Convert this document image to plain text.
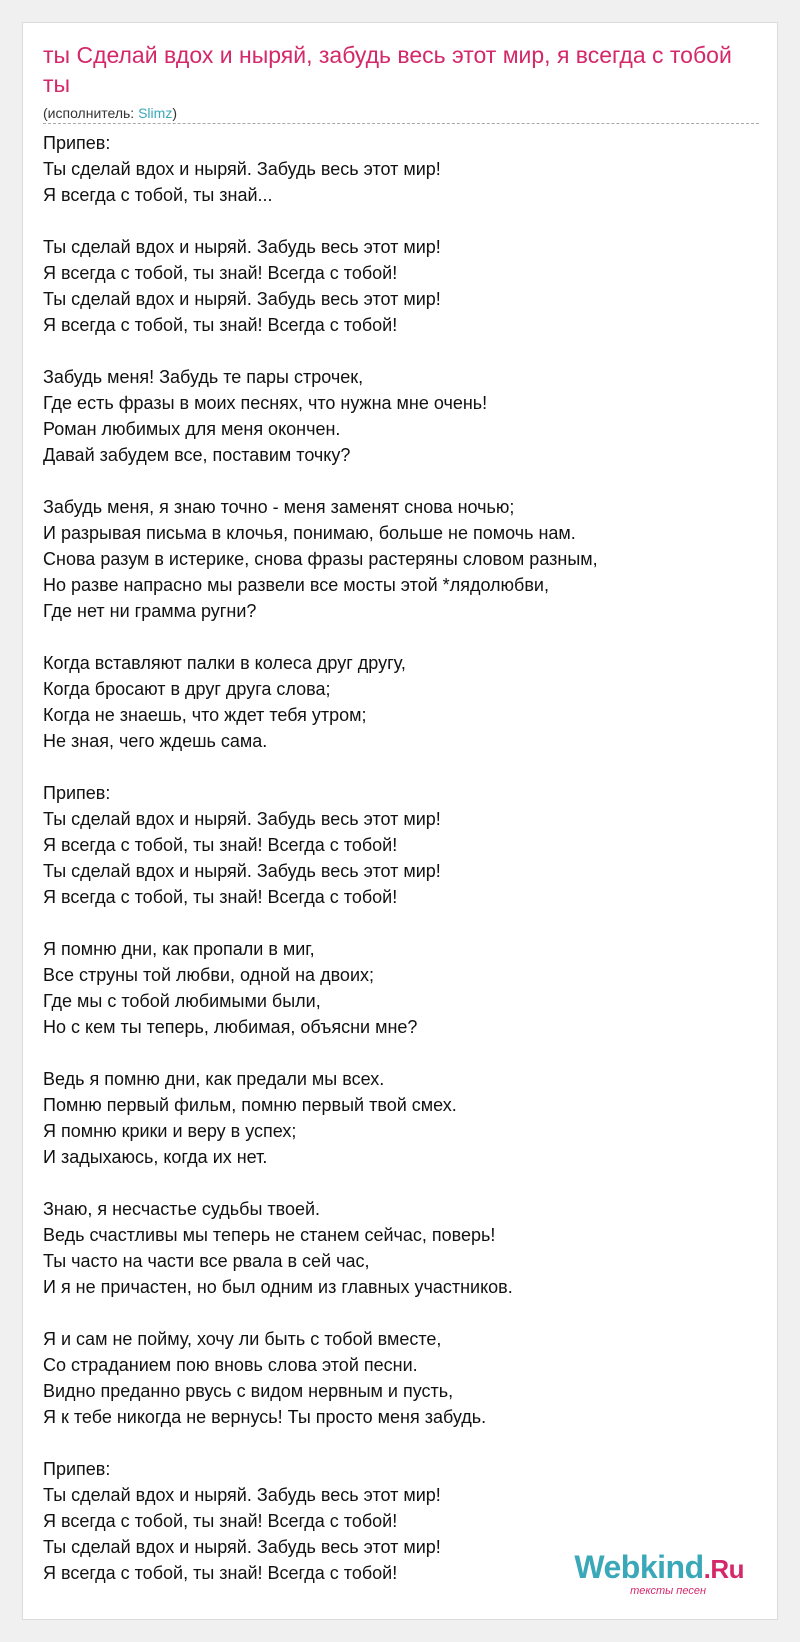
ты Сделай вдох и ныряй, забудь весь этот мир, я всегда с тобой ты
(исполнитель: Slimz)
Припев:
Ты сделай вдох и ныряй. Забудь весь этот мир!
Я всегда с тобой, ты знай...
Ты сделай вдох и ныряй. Забудь весь этот мир!
Я всегда с тобой, ты знай! Всегда с тобой!
Ты сделай вдох и ныряй. Забудь весь этот мир!
Я всегда с тобой, ты знай! Всегда с тобой!
Забудь меня! Забудь те пары строчек,
Где есть фразы в моих песнях, что нужна мне очень!
Роман любимых для меня окончен.
Давай забудем все, поставим точку?
Забудь меня, я знаю точно - меня заменят снова ночью;
И разрывая письма в клочья, понимаю, больше не помочь нам.
Снова разум в истерике, снова фразы растеряны словом разным,
Но разве напрасно мы развели все мосты этой *лядолюбви,
Где нет ни грамма ругни?
Когда вставляют палки в колеса друг другу,
Когда бросают в друг друга слова;
Когда не знаешь, что ждет тебя утром;
Не зная, чего ждешь сама.
Припев:
Ты сделай вдох и ныряй. Забудь весь этот мир!
Я всегда с тобой, ты знай! Всегда с тобой!
Ты сделай вдох и ныряй. Забудь весь этот мир!
Я всегда с тобой, ты знай! Всегда с тобой!
Я помню дни, как пропали в миг,
Все струны той любви, одной на двоих;
Где мы с тобой любимыми были,
Но с кем ты теперь, любимая, объясни мне?
Ведь я помню дни, как предали мы всех.
Помню первый фильм, помню первый твой смех.
Я помню крики и веру в успех;
И задыхаюсь, когда их нет.
Знаю, я несчастье судьбы твоей.
Ведь счастливы мы теперь не станем сейчас, поверь!
Ты часто на части все рвала в сей час,
И я не причастен, но был одним из главных участников.
Я и сам не пойму, хочу ли быть с тобой вместе,
Со страданием пою вновь слова этой песни.
Видно преданно рвусь с видом нервным и пусть,
Я к тебе никогда не вернусь! Ты просто меня забудь.
Припев:
Ты сделай вдох и ныряй. Забудь весь этот мир!
Я всегда с тобой, ты знай! Всегда с тобой!
Ты сделай вдох и ныряй. Забудь весь этот мир!
Я всегда с тобой, ты знай! Всегда с тобой!	Webkind.Ru
тексты песен
